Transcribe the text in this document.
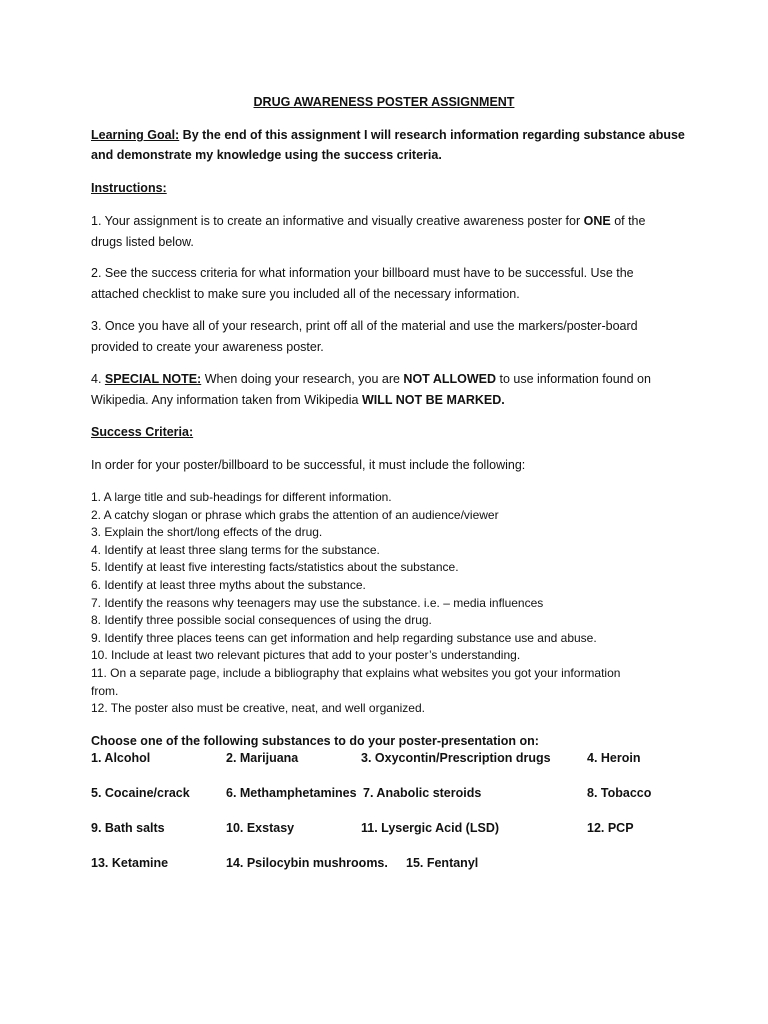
DRUG AWARENESS POSTER ASSIGNMENT
Learning Goal: By the end of this assignment I will research information regarding substance abuse
and demonstrate my knowledge using the success criteria.
Instructions:
1. Your assignment is to create an informative and visually creative awareness poster for ONE of the
drugs listed below.
2. See the success criteria for what information your billboard must have to be successful. Use the
attached checklist to make sure you included all of the necessary information.
3. Once you have all of your research, print off all of the material and use the markers/poster-board
provided to create your awareness poster.
4. SPECIAL NOTE: When doing your research, you are NOT ALLOWED to use information found on
Wikipedia. Any information taken from Wikipedia WILL NOT BE MARKED.
Success Criteria:
In order for your poster/billboard to be successful, it must include the following:
1. A large title and sub-headings for different information.
2. A catchy slogan or phrase which grabs the attention of an audience/viewer
3. Explain the short/long effects of the drug.
4. Identify at least three slang terms for the substance.
5. Identify at least five interesting facts/statistics about the substance.
6. Identify at least three myths about the substance.
7. Identify the reasons why teenagers may use the substance. i.e. – media influences
8. Identify three possible social consequences of using the drug.
9. Identify three places teens can get information and help regarding substance use and abuse.
10. Include at least two relevant pictures that add to your poster’s understanding.
11. On a separate page, include a bibliography that explains what websites you got your information
from.
12. The poster also must be creative, neat, and well organized.
Choose one of the following substances to do your poster-presentation on:
1. Alcohol	2. Marijuana	3. Oxycontin/Prescription drugs	4. Heroin
5. Cocaine/crack	6. Methamphetamines 7. Anabolic steroids	8. Tobacco
9. Bath salts	10. Exstasy	11. Lysergic Acid (LSD)	12. PCP
13. Ketamine	14. Psilocybin mushrooms. 15. Fentanyl
